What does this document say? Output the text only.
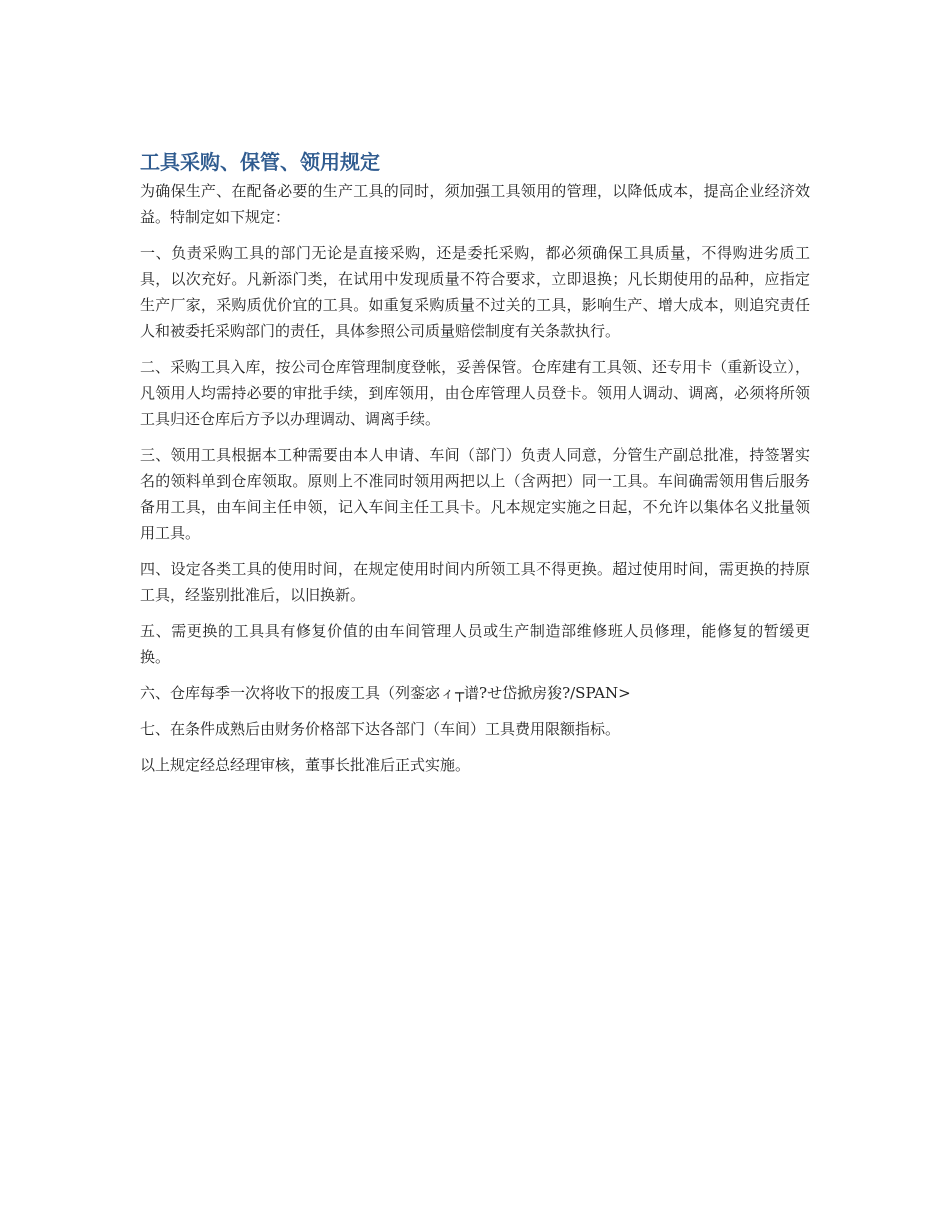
工具采购、保管、领用规定

为确保生产、在配备必要的生产工具的同时，须加强工具领用的管理，以降低成本，提高企业经济效益。特制定如下规定：

一、负责采购工具的部门无论是直接采购，还是委托采购，都必须确保工具质量，不得购进劣质工具，以次充好。凡新添门类，在试用中发现质量不符合要求，立即退换；凡长期使用的品种，应指定生产厂家，采购质优价宜的工具。如重复采购质量不过关的工具，影响生产、增大成本，则追究责任人和被委托采购部门的责任，具体参照公司质量赔偿制度有关条款执行。

二、采购工具入库，按公司仓库管理制度登帐，妥善保管。仓库建有工具领、还专用卡（重新设立），凡领用人均需持必要的审批手续，到库领用，由仓库管理人员登卡。领用人调动、调离，必须将所领工具归还仓库后方予以办理调动、调离手续。

三、领用工具根据本工种需要由本人申请、车间（部门）负责人同意，分管生产副总批准，持签署实名的领料单到仓库领取。原则上不准同时领用两把以上（含两把）同一工具。车间确需领用售后服务备用工具，由车间主任申领，记入车间主任工具卡。凡本规定实施之日起，不允许以集体名义批量领用工具。

四、设定各类工具的使用时间，在规定使用时间内所领工具不得更换。超过使用时间，需更换的持原工具，经鉴别批准后，以旧换新。

五、需更换的工具具有修复价值的由车间管理人员或生产制造部维修班人员修理，能修复的暂缓更换。

六、仓库每季一次将收下的报废工具（列銮宓ィ┬谱?せ岱掀房狻?/SPAN>

七、在条件成熟后由财务价格部下达各部门（车间）工具费用限额指标。

以上规定经总经理审核，董事长批准后正式实施。
